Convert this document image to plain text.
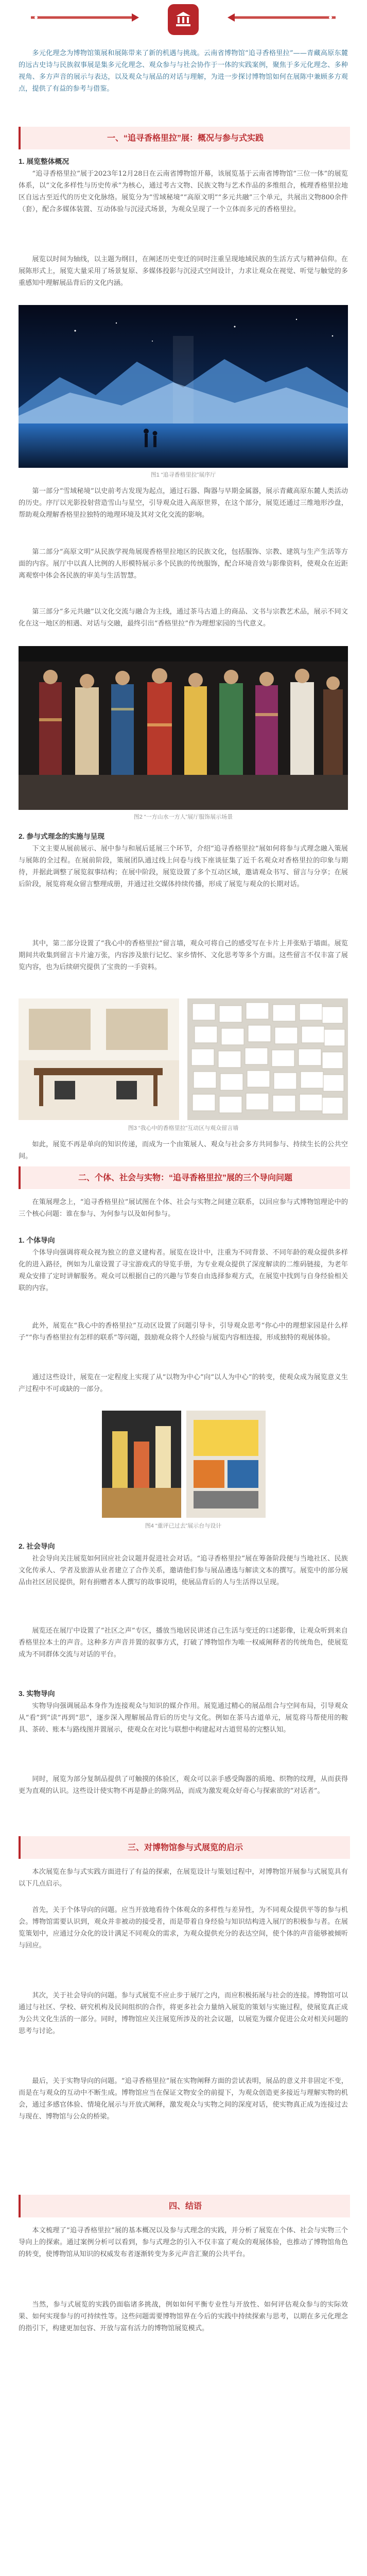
多元化理念为博物馆策展和展陈带来了新的机遇与挑战。云南省博物馆“追寻香格里拉”——青藏高原东麓的远古史诗与民族叙事展是集多元化理念、观众参与与社会协作于一体的实践案例，聚焦于多元化理念、多种视角、多方声音的展示与表达，以及观众与展品的对话与理解，为进一步探讨博物馆如何在展陈中兼顾多方观点，提供了有益的参考与借鉴。

一、“追寻香格里拉”展：概况与参与式实践
1. 展览整体概况

“追寻香格里拉”展于2023年12月28日在云南省博物馆开幕，该展览基于云南省博物馆“三位一体”的展览体系，以“文化多样性与历史传承”为核心，通过考古文物、民族文物与艺术作品的多维组合，梳理香格里拉地区自远古至近代的历史文化脉络。展览分为“雪域秘境”“高原文明”“多元共融”三个单元，共展出文物800余件（套），配合多媒体装置、互动体验与沉浸式场景，为观众呈现了一个立体而多元的香格里拉。

展览以时间为轴线，以主题为纲目，在阐述历史变迁的同时注重呈现地域民族的生活方式与精神信仰。在展陈形式上，展览大量采用了场景复原、多媒体投影与沉浸式空间设计，力求让观众在视觉、听觉与触觉的多重感知中理解展品背后的文化内涵。

图1 “追寻香格里拉”展序厅

第一部分“雪域秘境”以史前考古发现为起点，通过石器、陶器与早期金属器，展示青藏高原东麓人类活动的历史。序厅以光影投射营造雪山与星空，引导观众进入高原世界，在这个部分，展览还通过三维地形沙盘，帮助观众理解香格里拉独特的地理环境及其对文化交流的影响。

第二部分“高原文明”从民族学视角展现香格里拉地区的民族文化，包括服饰、宗教、建筑与生产生活等方面的内容。展厅中以真人比例的人形模特展示多个民族的传统服饰，配合环境音效与影像资料，使观众在近距离观察中体会各民族的审美与生活智慧。

第三部分“多元共融”以文化交流与融合为主线，通过茶马古道上的商品、文书与宗教艺术品，展示不同文化在这一地区的相遇、对话与交融，最终引出“香格里拉”作为理想家园的当代意义。

图2 “一方山水一方人”展厅服饰展示场景
2. 参与式理念的实施与呈现

下文主要从展前展示、展中参与和展后延展三个环节，介绍“追寻香格里拉”展如何将参与式理念融入策展与展陈的全过程。在展前阶段，策展团队通过线上问卷与线下座谈征集了近千名观众对香格里拉的印象与期待，并据此调整了展览叙事结构；在展中阶段，展览设置了多个互动区域，邀请观众书写、留言与分享；在展后阶段，展览将观众留言整理成册，并通过社交媒体持续传播，形成了展览与观众的长期对话。

其中，第二部分设置了“我心中的香格里拉”留言墙，观众可将自己的感受写在卡片上并张贴于墙面。展览期间共收集到留言卡片逾万张，内容涉及旅行记忆、家乡情怀、文化思考等多个方面。这些留言不仅丰富了展览内容，也为后续研究提供了宝贵的一手资料。

图3 “我心中的香格里拉”互动区与观众留言墙

如此，展览不再是单向的知识传递，而成为一个由策展人、观众与社会多方共同参与、持续生长的公共空间。

二、个体、社会与实物：“追寻香格里拉”展的三个导向问题

在策展理念上，“追寻香格里拉”展试图在个体、社会与实物之间建立联系，以回应参与式博物馆理论中的三个核心问题：谁在参与、为何参与以及如何参与。

1. 个体导向

个体导向强调将观众视为独立的意义建构者。展览在设计中，注重为不同背景、不同年龄的观众提供多样化的进入路径，例如为儿童设置了寻宝游戏式的导览手册，为专业观众提供了深度解读的二维码链接，为老年观众安排了定时讲解服务。观众可以根据自己的兴趣与节奏自由选择参观方式，在展览中找到与自身经验相关联的内容。

此外，展览在“我心中的香格里拉”互动区设置了问题引导卡，引导观众思考“你心中的理想家园是什么样子”“你与香格里拉有怎样的联系”等问题，鼓励观众将个人经验与展览内容相连接，形成独特的观展体验。

通过这些设计，展览在一定程度上实现了从“以物为中心”向“以人为中心”的转变，使观众成为展览意义生产过程中不可或缺的一部分。

图4 “重评已过去”展示台与设计
2. 社会导向

社会导向关注展览如何回应社会议题并促进社会对话。“追寻香格里拉”展在筹备阶段便与当地社区、民族文化传承人、学者及旅游从业者建立了合作关系，邀请他们参与展品遴选与解读文本的撰写。展览中的部分展品由社区居民提供，附有捐赠者本人撰写的故事说明，使展品背后的人与生活得以呈现。

展览还在展厅中设置了“社区之声”专区，播放当地居民讲述自己生活与变迁的口述影像，让观众听到来自香格里拉本土的声音。这种多方声音并置的叙事方式，打破了博物馆作为唯一权威阐释者的传统角色，使展览成为不同群体交流与对话的平台。

3. 实物导向

实物导向强调展品本身作为连接观众与知识的媒介作用。展览通过精心的展品组合与空间布局，引导观众从“看”到“读”再到“思”，逐步深入理解展品背后的历史与文化。例如在茶马古道单元，展览将马帮使用的鞍具、茶砖、账本与路线图并置展示，使观众在对比与联想中构建起对古道贸易的完整认知。

同时，展览为部分复制品提供了可触摸的体验区，观众可以亲手感受陶器的质地、织物的纹理，从而获得更为直观的认识。这些设计使实物不再是静止的陈列品，而成为激发观众好奇心与探索欲的“对话者”。

三、对博物馆参与式展览的启示

本次展览在参与式实践方面进行了有益的探索，在展览设计与策划过程中，对博物馆开展参与式展览具有以下几点启示。

首先，关于个体导向的问题。应当开放地看待个体观众的多样性与差异性，为不同观众提供平等的参与机会。博物馆需要认识到，观众并非被动的接受者，而是带着自身经验与知识结构进入展厅的积极参与者。在展览策划中，应通过分众化的设计满足不同观众的需求，为观众提供充分的表达空间，使个体的声音能够被倾听与回应。

其次，关于社会导向的问题。参与式展览不应止步于展厅之内，而应积极拓展与社会的连接。博物馆可以通过与社区、学校、研究机构及民间组织的合作，将更多社会力量纳入展览的策划与实施过程，使展览真正成为公共文化生活的一部分。同时，博物馆应关注展览所涉及的社会议题，以展览为媒介促进公众对相关问题的思考与讨论。

最后，关于实物导向的问题。“追寻香格里拉”展在实物阐释方面的尝试表明，展品的意义并非固定不变，而是在与观众的互动中不断生成。博物馆应当在保证文物安全的前提下，为观众创造更多接近与理解实物的机会，通过多感官体验、情境化展示与开放式阐释，激发观众与实物之间的深度对话，使实物真正成为连接过去与现在、博物馆与公众的桥梁。

四、结语

本文梳理了“追寻香格里拉”展的基本概况以及参与式理念的实践，并分析了展览在个体、社会与实物三个导向上的探索。通过案例分析可以看到，参与式理念的引入不仅丰富了观众的观展体验，也推动了博物馆角色的转变，使博物馆从知识的权威发布者逐渐转变为多元声音汇聚的公共平台。

当然，参与式展览的实践仍面临诸多挑战，例如如何平衡专业性与开放性、如何评估观众参与的实际效果、如何实现参与的可持续性等。这些问题需要博物馆界在今后的实践中持续探索与思考，以期在多元化理念的指引下，构建更加包容、开放与富有活力的博物馆展览模式。
